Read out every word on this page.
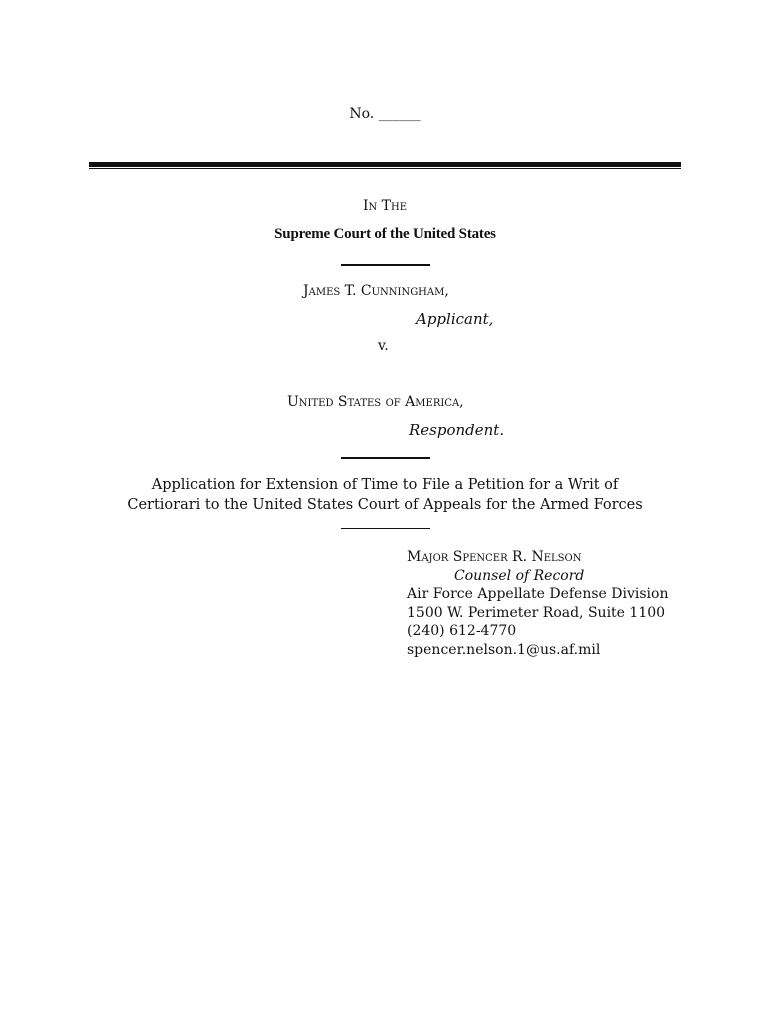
No. ______
In The
Supreme Court of the United States
James T. Cunningham,
Applicant,
v.
United States of America,
Respondent.
Application for Extension of Time to File a Petition for a Writ of
Certiorari to the United States Court of Appeals for the Armed Forces
Major Spencer R. Nelson
Counsel of Record
Air Force Appellate Defense Division
1500 W. Perimeter Road, Suite 1100
(240) 612-4770
spencer.nelson.1@us.af.mil
